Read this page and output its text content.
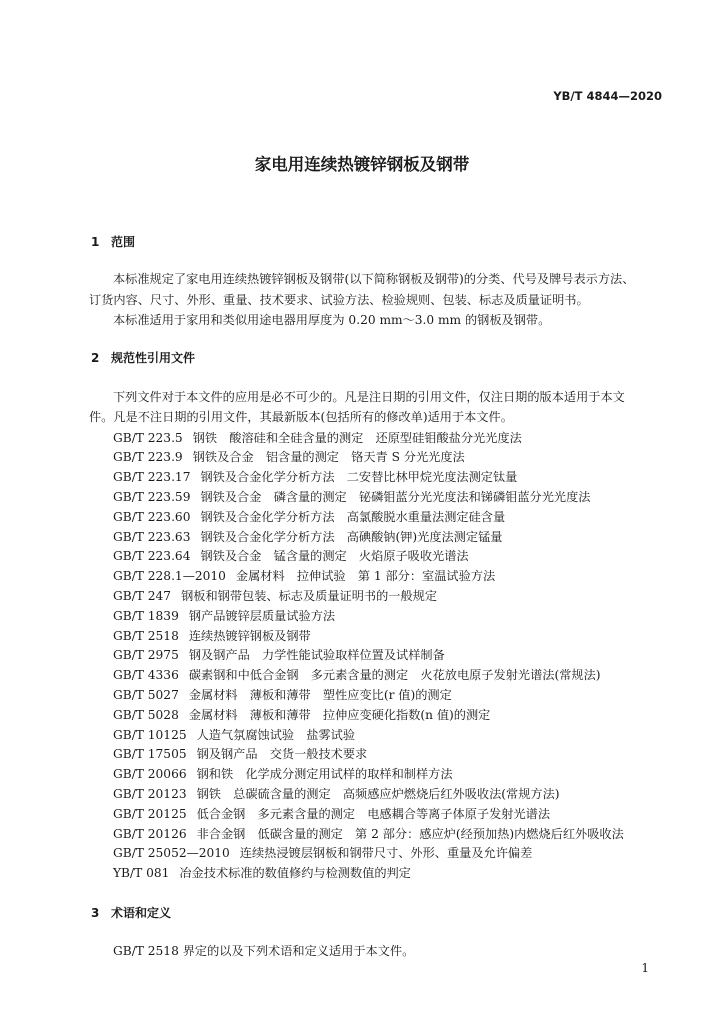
YB/T 4844—2020
家电用连续热镀锌钢板及钢带
1 范围
本标准规定了家电用连续热镀锌钢板及钢带(以下简称钢板及钢带)的分类、代号及牌号表示方法、
订货内容、尺寸、外形、重量、技术要求、试验方法、检验规则、包装、标志及质量证明书。
本标准适用于家用和类似用途电器用厚度为 0.20 mm～3.0 mm 的钢板及钢带。
2 规范性引用文件
下列文件对于本文件的应用是必不可少的。凡是注日期的引用文件，仅注日期的版本适用于本文
件。凡是不注日期的引用文件，其最新版本(包括所有的修改单)适用于本文件。
GB/T 223.5 钢铁　酸溶硅和全硅含量的测定　还原型硅钼酸盐分光光度法
GB/T 223.9 钢铁及合金　铝含量的测定　铬天青 S 分光光度法
GB/T 223.17 钢铁及合金化学分析方法　二安替比林甲烷光度法测定钛量
GB/T 223.59 钢铁及合金　磷含量的测定　铋磷钼蓝分光光度法和锑磷钼蓝分光光度法
GB/T 223.60 钢铁及合金化学分析方法　高氯酸脱水重量法测定硅含量
GB/T 223.63 钢铁及合金化学分析方法　高碘酸钠(钾)光度法测定锰量
GB/T 223.64 钢铁及合金　锰含量的测定　火焰原子吸收光谱法
GB/T 228.1—2010 金属材料　拉伸试验　第 1 部分：室温试验方法
GB/T 247 钢板和钢带包装、标志及质量证明书的一般规定
GB/T 1839 钢产品镀锌层质量试验方法
GB/T 2518 连续热镀锌钢板及钢带
GB/T 2975 钢及钢产品　力学性能试验取样位置及试样制备
GB/T 4336 碳素钢和中低合金钢　多元素含量的测定　火花放电原子发射光谱法(常规法)
GB/T 5027 金属材料　薄板和薄带　塑性应变比(r 值)的测定
GB/T 5028 金属材料　薄板和薄带　拉伸应变硬化指数(n 值)的测定
GB/T 10125 人造气氛腐蚀试验　盐雾试验
GB/T 17505 钢及钢产品　交货一般技术要求
GB/T 20066 钢和铁　化学成分测定用试样的取样和制样方法
GB/T 20123 钢铁　总碳硫含量的测定　高频感应炉燃烧后红外吸收法(常规方法)
GB/T 20125 低合金钢　多元素含量的测定　电感耦合等离子体原子发射光谱法
GB/T 20126 非合金钢　低碳含量的测定　第 2 部分：感应炉(经预加热)内燃烧后红外吸收法
GB/T 25052—2010 连续热浸镀层钢板和钢带尺寸、外形、重量及允许偏差
YB/T 081 冶金技术标准的数值修约与检测数值的判定
3 术语和定义
GB/T 2518 界定的以及下列术语和定义适用于本文件。
1
